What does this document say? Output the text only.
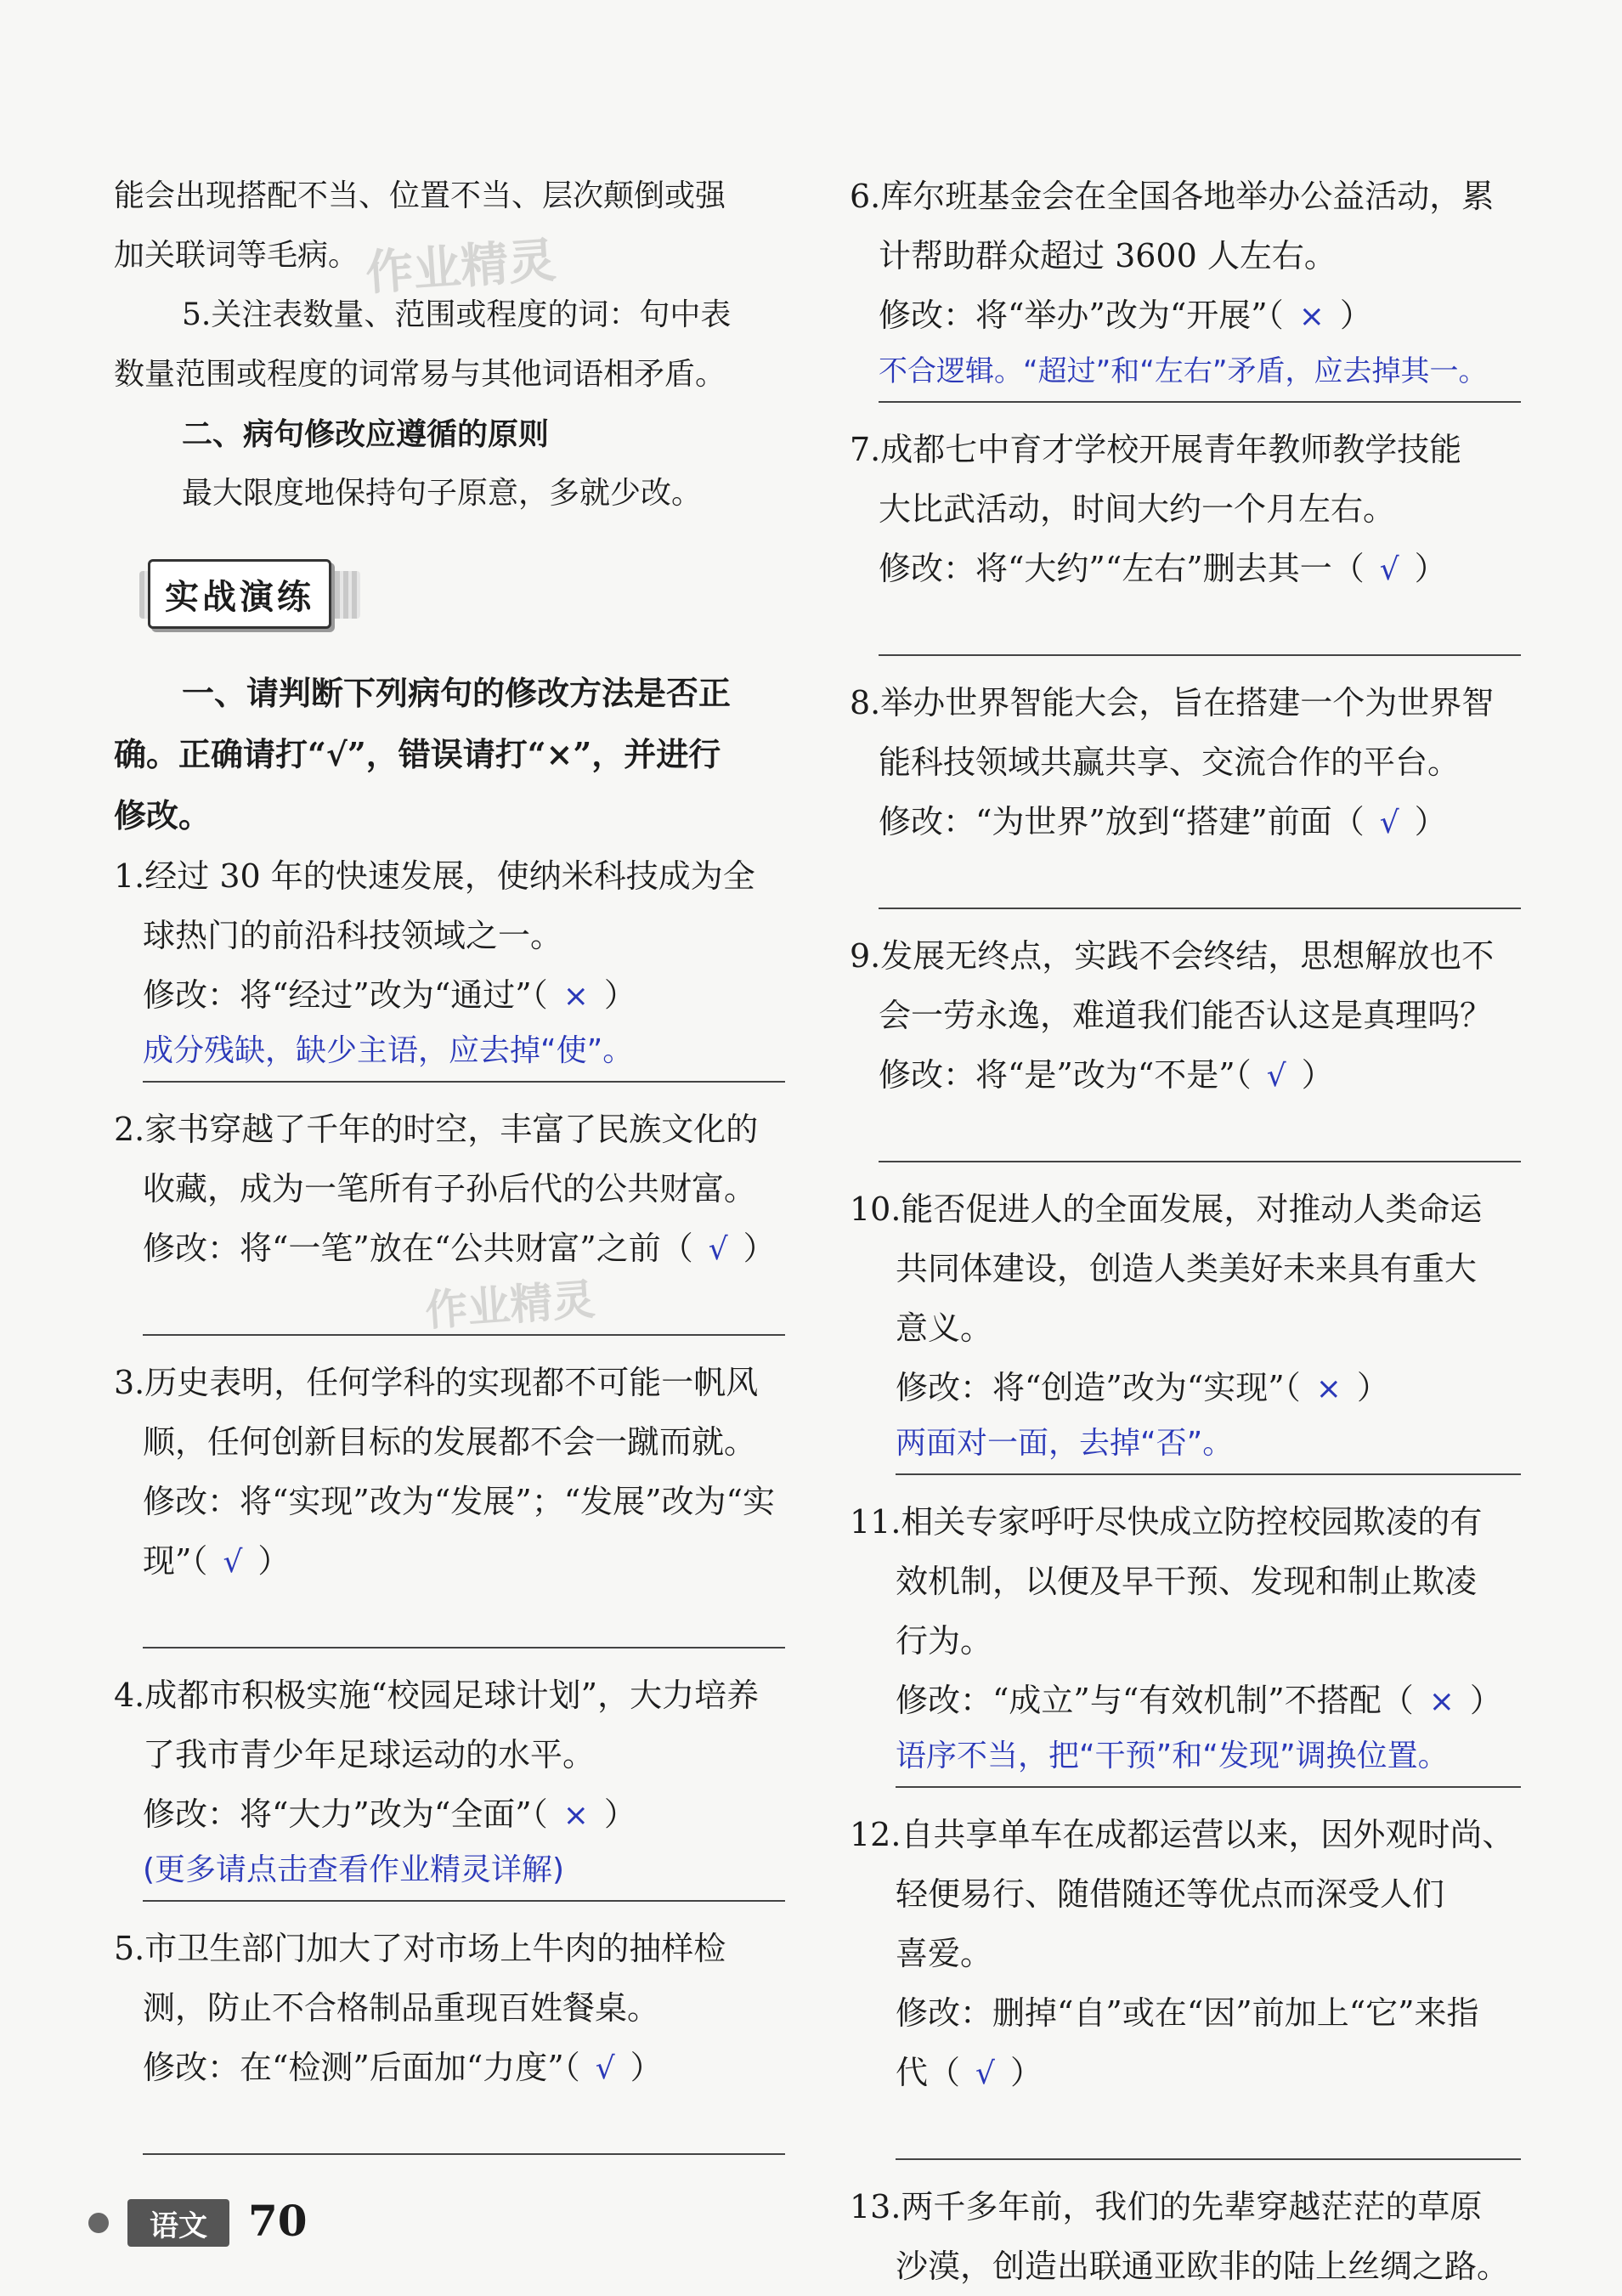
作业精灵
作业精灵

能会出现搭配不当、位置不当、层次颠倒或强

加关联词等毛病。

5.关注表数量、范围或程度的词：句中表

数量范围或程度的词常易与其他词语相矛盾。

二、病句修改应遵循的原则

最大限度地保持句子原意，多就少改。

实战演练

一、请判断下列病句的修改方法是否正

确。正确请打“√”，错误请打“×”，并进行

修改。

1.经过 30 年的快速发展，使纳米科技成为全

球热门的前沿科技领域之一。

修改：将“经过”改为“通过”（ × ）

成分残缺，缺少主语，应去掉“使”。

2.家书穿越了千年的时空，丰富了民族文化的

收藏，成为一笔所有子孙后代的公共财富。

修改：将“一笔”放在“公共财富”之前（ √ ）

3.历史表明，任何学科的实现都不可能一帆风

顺，任何创新目标的发展都不会一蹴而就。

修改：将“实现”改为“发展”；“发展”改为“实

现”（ √ ）

4.成都市积极实施“校园足球计划”，大力培养

了我市青少年足球运动的水平。

修改：将“大力”改为“全面”（ × ）

(更多请点击查看作业精灵详解)

5.市卫生部门加大了对市场上牛肉的抽样检

测，防止不合格制品重现百姓餐桌。

修改：在“检测”后面加“力度”（ √ ）

6.库尔班基金会在全国各地举办公益活动，累

计帮助群众超过 3600 人左右。

修改：将“举办”改为“开展”（ × ）

不合逻辑。“超过”和“左右”矛盾，应去掉其一。

7.成都七中育才学校开展青年教师教学技能

大比武活动，时间大约一个月左右。

修改：将“大约”“左右”删去其一（ √ ）

8.举办世界智能大会，旨在搭建一个为世界智

能科技领域共赢共享、交流合作的平台。

修改：“为世界”放到“搭建”前面（ √ ）

9.发展无终点，实践不会终结，思想解放也不

会一劳永逸，难道我们能否认这是真理吗？

修改：将“是”改为“不是”（ √ ）

10.能否促进人的全面发展，对推动人类命运

共同体建设，创造人类美好未来具有重大

意义。

修改：将“创造”改为“实现”（ × ）

两面对一面，去掉“否”。

11.相关专家呼吁尽快成立防控校园欺凌的有

效机制，以便及早干预、发现和制止欺凌

行为。

修改：“成立”与“有效机制”不搭配（ × ）

语序不当，把“干预”和“发现”调换位置。

12.自共享单车在成都运营以来，因外观时尚、

轻便易行、随借随还等优点而深受人们

喜爱。

修改：删掉“自”或在“因”前加上“它”来指

代（ √ ）

13.两千多年前，我们的先辈穿越茫茫的草原

沙漠，创造出联通亚欧非的陆上丝绸之路。

语文 70
